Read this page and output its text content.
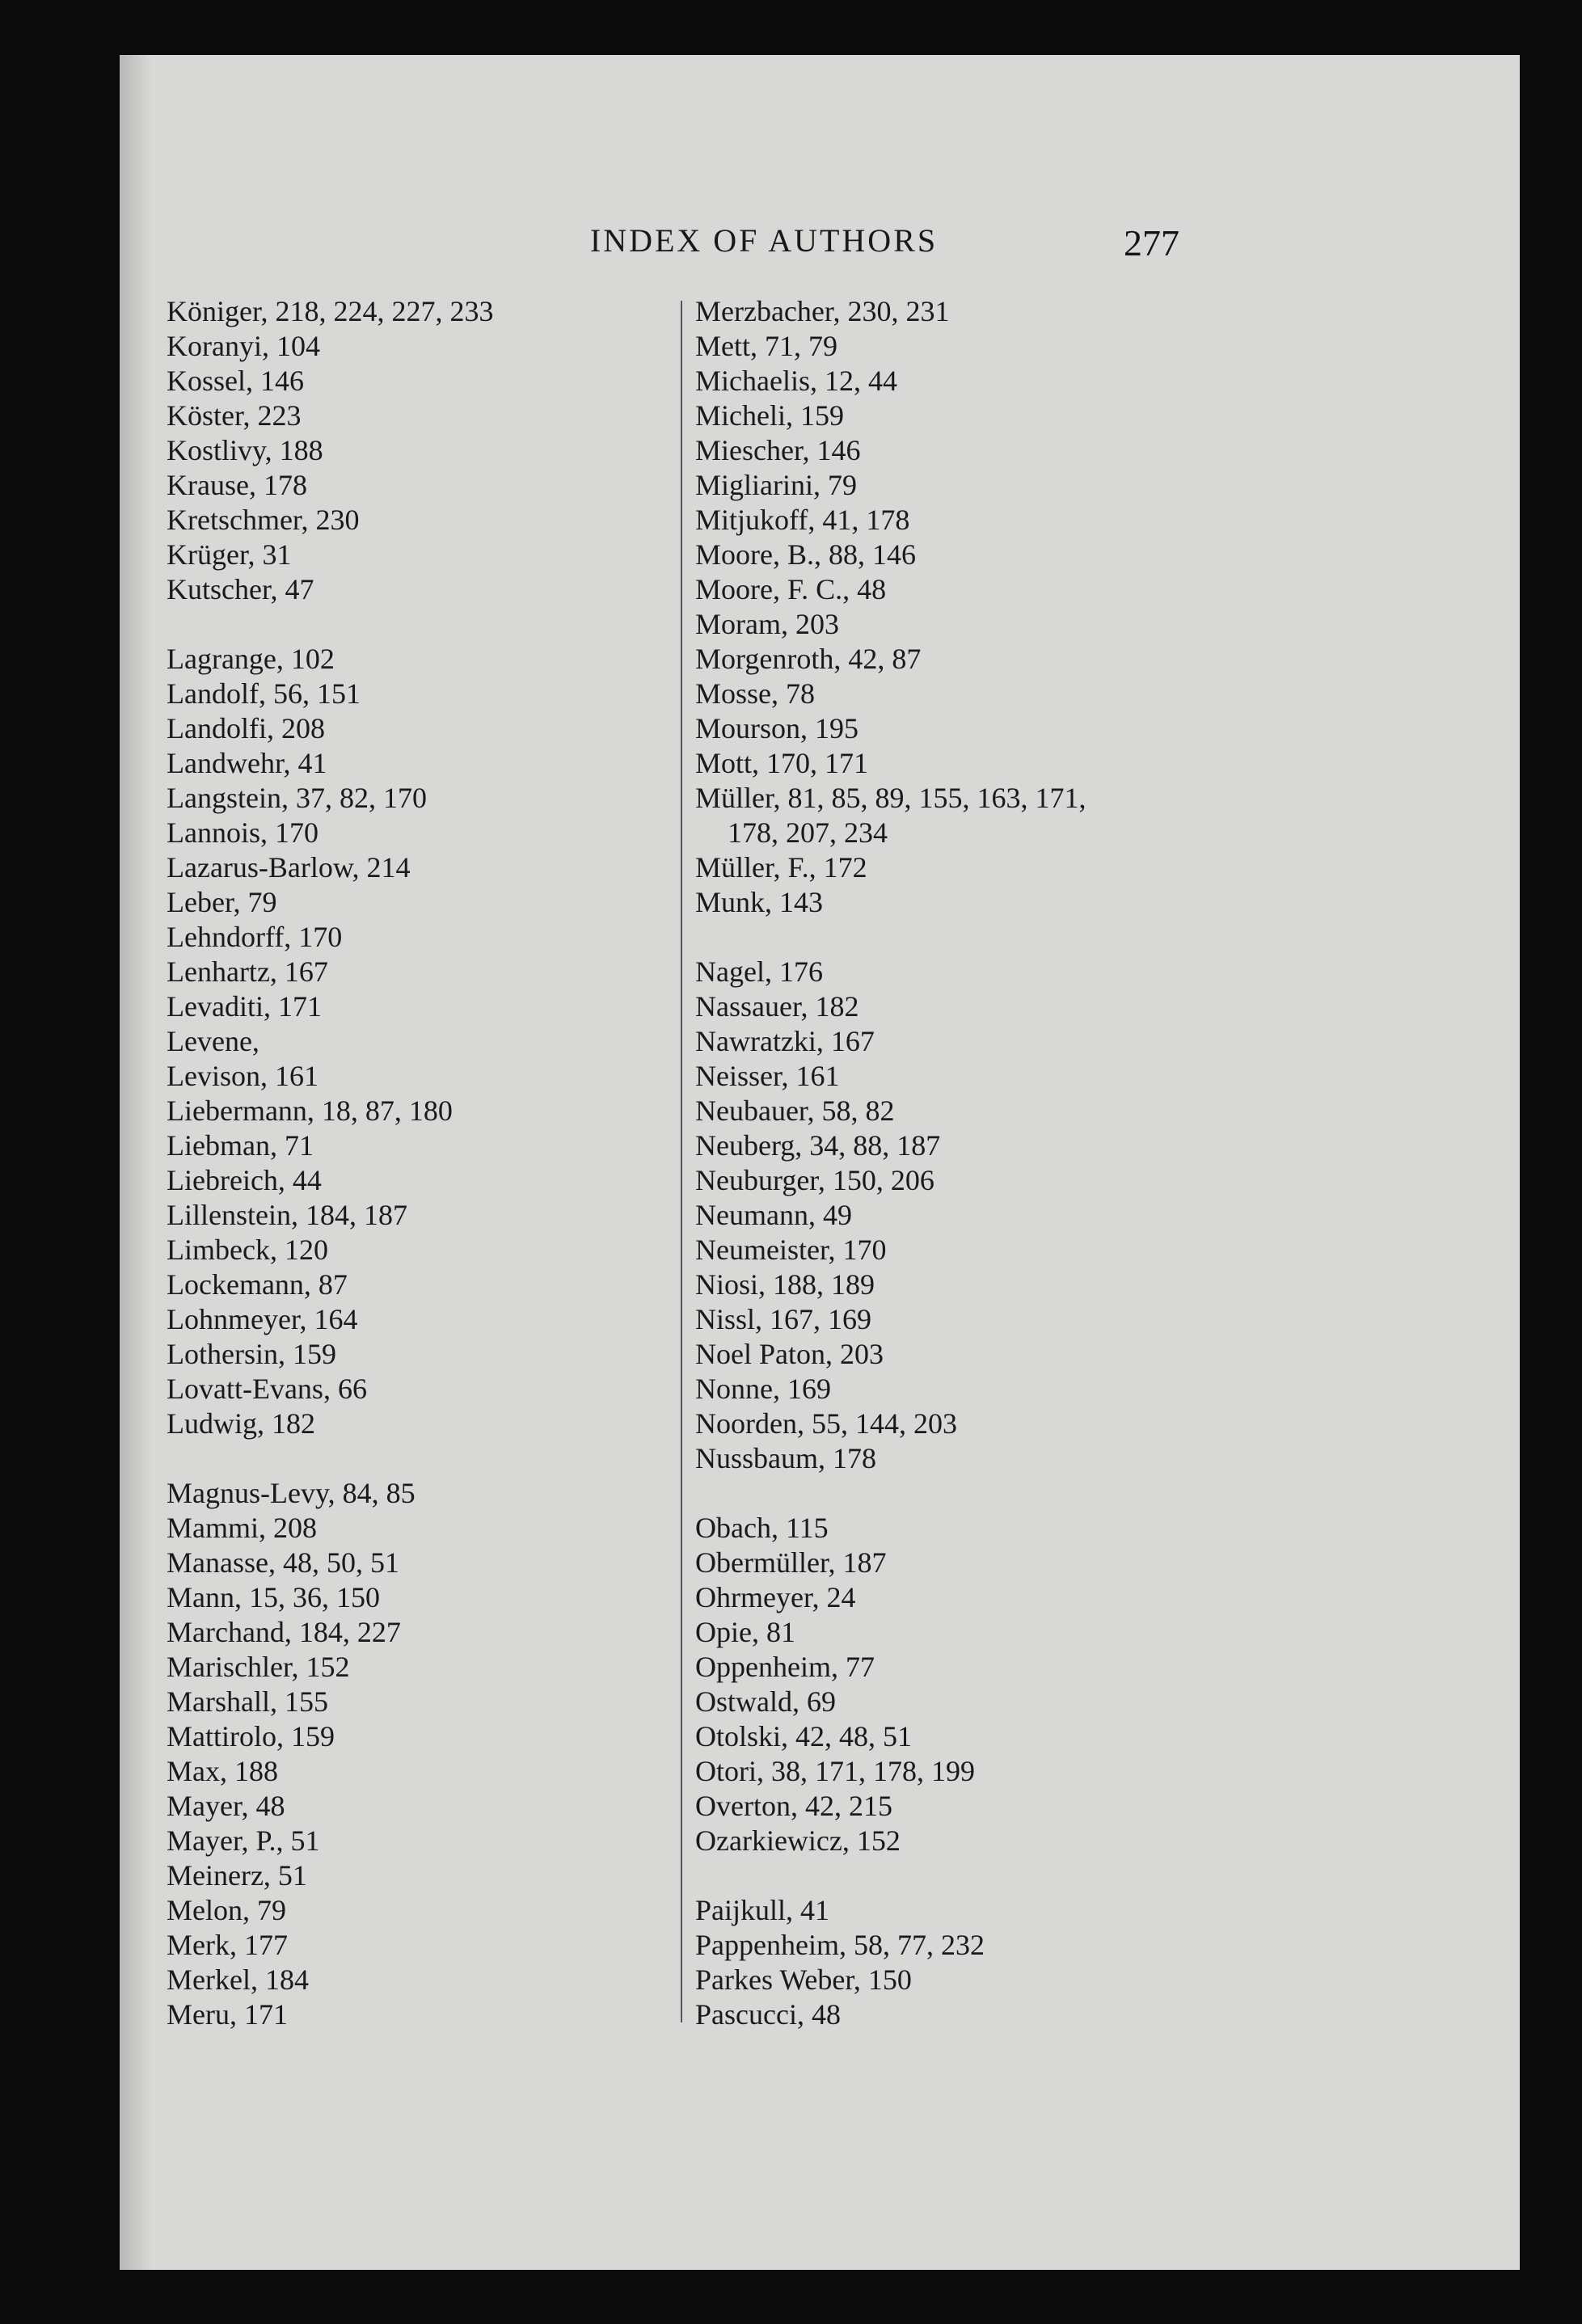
INDEX OF AUTHORS	277
Königer, 218, 224, 227, 233
Koranyi, 104
Kossel, 146
Köster, 223
Kostlivy, 188
Krause, 178
Kretschmer, 230
Krüger, 31
Kutscher, 47
Lagrange, 102
Landolf, 56, 151
Landolfi, 208
Landwehr, 41
Langstein, 37, 82, 170
Lannois, 170
Lazarus-Barlow, 214
Leber, 79
Lehndorff, 170
Lenhartz, 167
Levaditi, 171
Levene,
Levison, 161
Liebermann, 18, 87, 180
Liebman, 71
Liebreich, 44
Lillenstein, 184, 187
Limbeck, 120
Lockemann, 87
Lohnmeyer, 164
Lothersin, 159
Lovatt-Evans, 66
Ludwig, 182
Magnus-Levy, 84, 85
Mammi, 208
Manasse, 48, 50, 51
Mann, 15, 36, 150
Marchand, 184, 227
Marischler, 152
Marshall, 155
Mattirolo, 159
Max, 188
Mayer, 48
Mayer, P., 51
Meinerz, 51
Melon, 79
Merk, 177
Merkel, 184
Meru, 171
Merzbacher, 230, 231
Mett, 71, 79
Michaelis, 12, 44
Micheli, 159
Miescher, 146
Migliarini, 79
Mitjukoff, 41, 178
Moore, B., 88, 146
Moore, F. C., 48
Moram, 203
Morgenroth, 42, 87
Mosse, 78
Mourson, 195
Mott, 170, 171
Müller, 81, 85, 89, 155, 163, 171,
178, 207, 234
Müller, F., 172
Munk, 143
Nagel, 176
Nassauer, 182
Nawratzki, 167
Neisser, 161
Neubauer, 58, 82
Neuberg, 34, 88, 187
Neuburger, 150, 206
Neumann, 49
Neumeister, 170
Niosi, 188, 189
Nissl, 167, 169
Noel Paton, 203
Nonne, 169
Noorden, 55, 144, 203
Nussbaum, 178
Obach, 115
Obermüller, 187
Ohrmeyer, 24
Opie, 81
Oppenheim, 77
Ostwald, 69
Otolski, 42, 48, 51
Otori, 38, 171, 178, 199
Overton, 42, 215
Ozarkiewicz, 152
Paijkull, 41
Pappenheim, 58, 77, 232
Parkes Weber, 150
Pascucci, 48
